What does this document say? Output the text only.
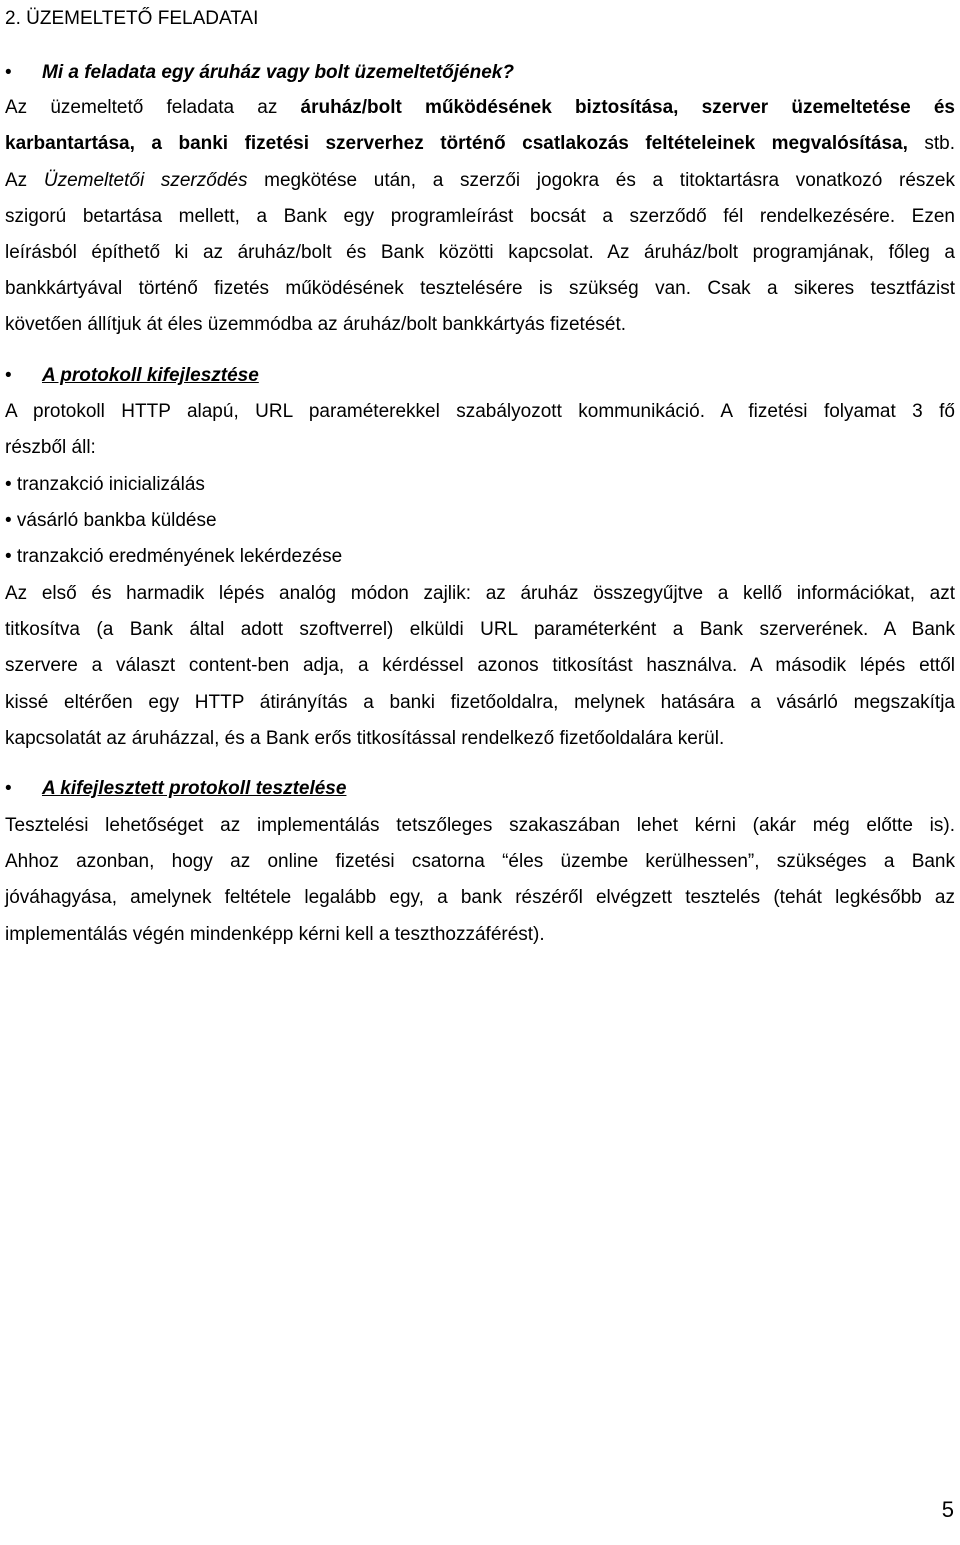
2. ÜZEMELTETŐ FELADATAI
• Mi a feladata egy áruház vagy bolt üzemeltetőjének?
Az üzemeltető feladata az áruház/bolt működésének biztosítása, szerver üzemeltetése és
karbantartása, a banki fizetési szerverhez történő csatlakozás feltételeinek megvalósítása, stb.
Az Üzemeltetői szerződés megkötése után, a szerzői jogokra és a titoktartásra vonatkozó részek
szigorú betartása mellett, a Bank egy programleírást bocsát a szerződő fél rendelkezésére. Ezen
leírásból építhető ki az áruház/bolt és Bank közötti kapcsolat. Az áruház/bolt programjának, főleg a
bankkártyával történő fizetés működésének tesztelésére is szükség van. Csak a sikeres tesztfázist
követően állítjuk át éles üzemmódba az áruház/bolt bankkártyás fizetését.
• A protokoll kifejlesztése
A protokoll HTTP alapú, URL paraméterekkel szabályozott kommunikáció. A fizetési folyamat 3 fő
részből áll:
• tranzakció inicializálás
• vásárló bankba küldése
• tranzakció eredményének lekérdezése
Az első és harmadik lépés analóg módon zajlik: az áruház összegyűjtve a kellő információkat, azt
titkosítva (a Bank által adott szoftverrel) elküldi URL paraméterként a Bank szerverének. A Bank
szervere a választ content-ben adja, a kérdéssel azonos titkosítást használva. A második lépés ettől
kissé eltérően egy HTTP átirányítás a banki fizetőoldalra, melynek hatására a vásárló megszakítja
kapcsolatát az áruházzal, és a Bank erős titkosítással rendelkező fizetőoldalára kerül.
• A kifejlesztett protokoll tesztelése
Tesztelési lehetőséget az implementálás tetszőleges szakaszában lehet kérni (akár még előtte is).
Ahhoz azonban, hogy az online fizetési csatorna “éles üzembe kerülhessen”, szükséges a Bank
jóváhagyása, amelynek feltétele legalább egy, a bank részéről elvégzett tesztelés (tehát legkésőbb az
implementálás végén mindenképp kérni kell a teszthozzáférést).
5
